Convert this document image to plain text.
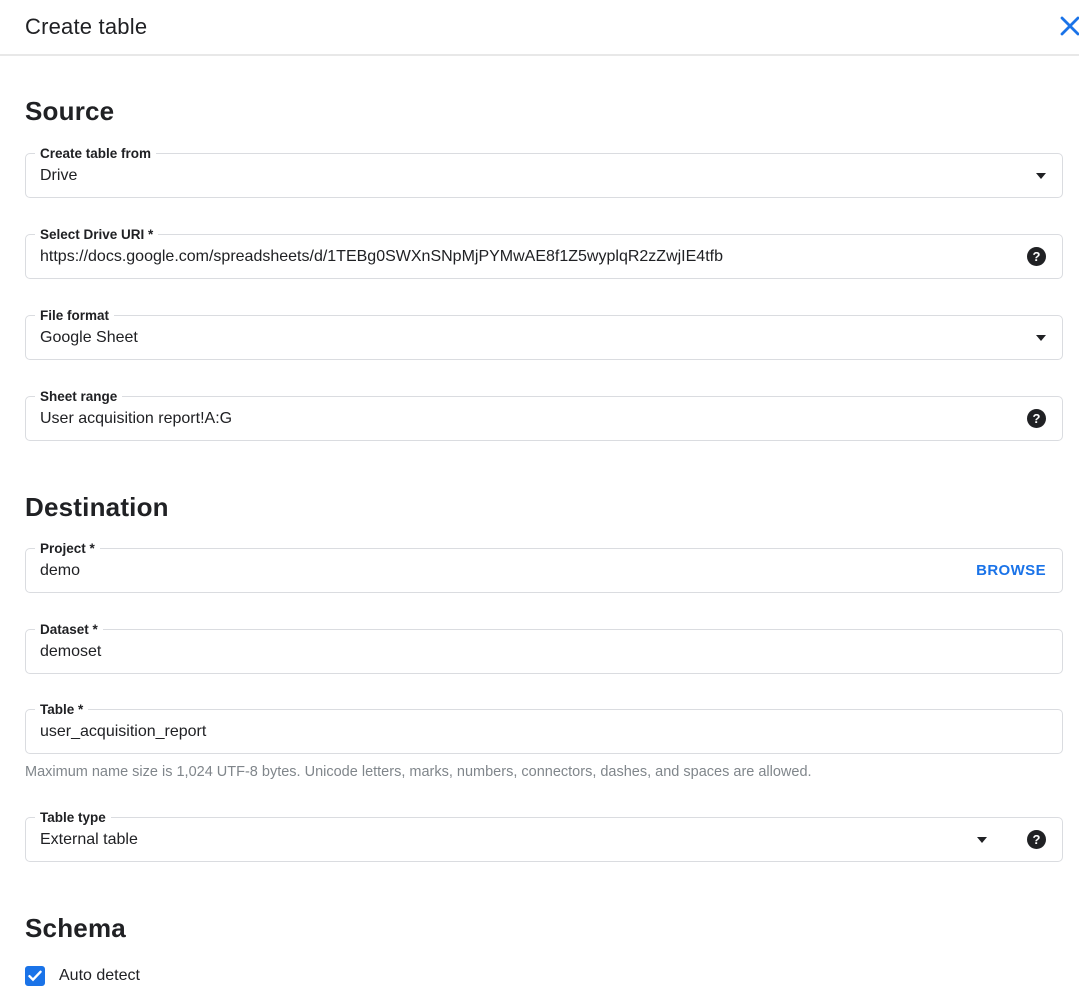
Create table
Source
Create table from
Drive
Select Drive URI *
https://docs.google.com/spreadsheets/d/1TEBg0SWXnSNpMjPYMwAE8f1Z5wyplqR2zZwjIE4tfb
?
File format
Google Sheet
Sheet range
User acquisition report!A:G
?
Destination
Project *
demo
BROWSE
Dataset *
demoset
Table *
user_acquisition_report
Maximum name size is 1,024 UTF-8 bytes. Unicode letters, marks, numbers, connectors, dashes, and spaces are allowed.
Table type
External table	?
Schema
Auto detect
